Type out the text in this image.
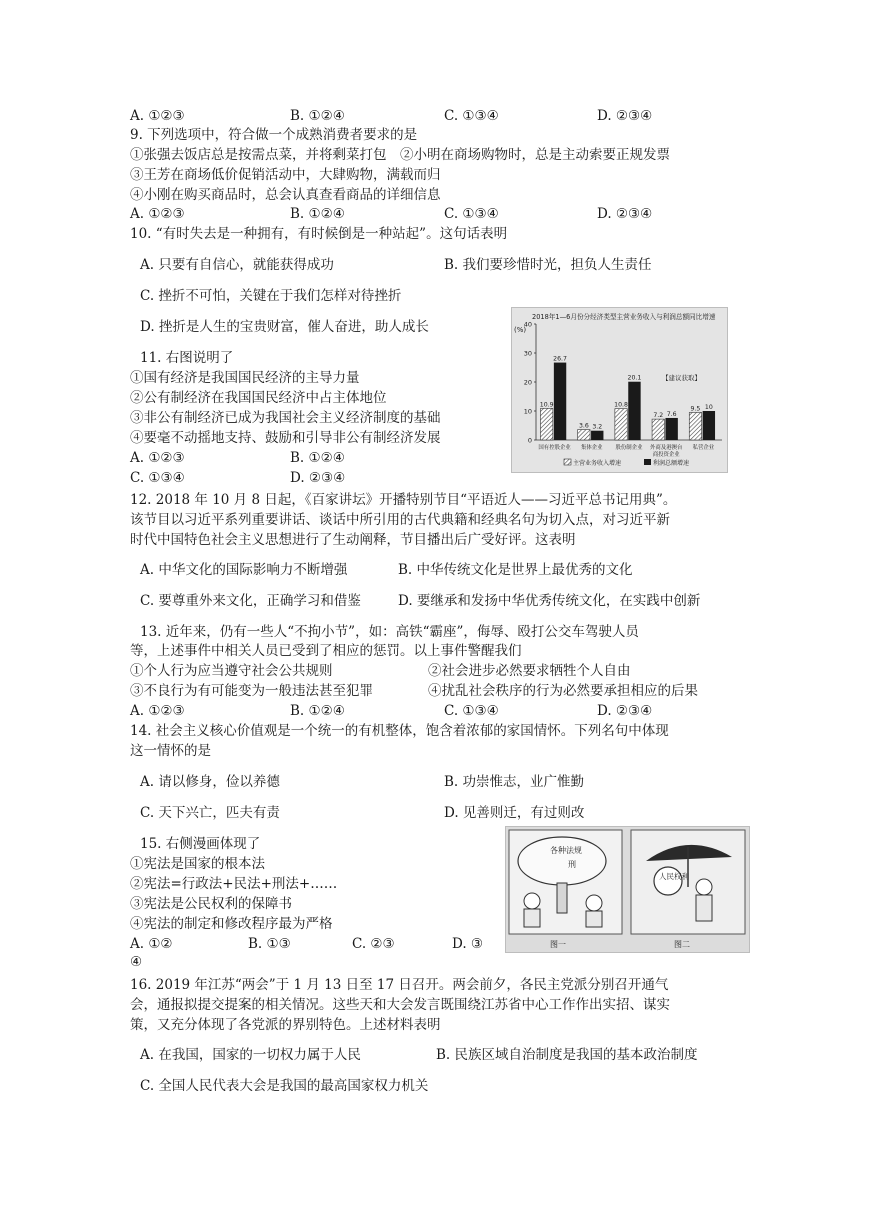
A. ①②③	B. ①②④	C. ①③④	D. ②③④
9. 下列选项中，符合做一个成熟消费者要求的是
①张强去饭店总是按需点菜，并将剩菜打包　②小明在商场购物时，总是主动索要正规发票
③王芳在商场低价促销活动中，大肆购物，满载而归
④小刚在购买商品时，总会认真查看商品的详细信息
A. ①②③	B. ①②④	C. ①③④	D. ②③④
10. “有时失去是一种拥有，有时候倒是一种站起”。这句话表明
A. 只要有自信心，就能获得成功	B. 我们要珍惜时光，担负人生责任
C. 挫折不可怕，关键在于我们怎样对待挫折
D. 挫折是人生的宝贵财富，催人奋进，助人成长
11. 右图说明了
①国有经济是我国国民经济的主导力量
②公有制经济在我国国民经济中占主体地位
③非公有制经济已成为我国社会主义经济制度的基础
④要毫不动摇地支持、鼓励和引导非公有制经济发展
A. ①②③	B. ①②④
C. ①③④	D. ②③④
2018年1—6月份分经济类型主营业务收入与利润总额同比增速
(%)
【建议获取】
0
10
20
30
40
10.9
26.7
国有控股企业
3.6 3.2
集体企业
10.8
20.1
股份制企业
7.2 7.6
外商及港澳台
商投资企业
9.5 10
私营企业
主营业务收入增速	利润总额增速
12. 2018 年 10 月 8 日起，《百家讲坛》开播特别节目“平语近人——习近平总书记用典”。
该节目以习近平系列重要讲话、谈话中所引用的古代典籍和经典名句为切入点，对习近平新
时代中国特色社会主义思想进行了生动阐释，节目播出后广受好评。这表明
A. 中华文化的国际影响力不断增强	B. 中华传统文化是世界上最优秀的文化
C. 要尊重外来文化，正确学习和借鉴	D. 要继承和发扬中华优秀传统文化，在实践中创新
13. 近年来，仍有一些人“不拘小节”，如：高铁“霸座”，侮辱、殴打公交车驾驶人员
等，上述事件中相关人员已受到了相应的惩罚。以上事件警醒我们
①个人行为应当遵守社会公共规则	②社会进步必然要求牺牲个人自由
③不良行为有可能变为一般违法甚至犯罪	④扰乱社会秩序的行为必然要承担相应的后果
A. ①②③	B. ①②④	C. ①③④	D. ②③④
14. 社会主义核心价值观是一个统一的有机整体，饱含着浓郁的家国情怀。下列名句中体现
这一情怀的是
A. 请以修身，俭以养德	B. 功崇惟志，业广惟勤
C. 天下兴亡，匹夫有责	D. 见善则迁，有过则改
15. 右侧漫画体现了
①宪法是国家的根本法
②宪法=行政法+民法+刑法+……
③宪法是公民权利的保障书
④宪法的制定和修改程序最为严格
A. ①②	B. ①③	C. ②③	D. ③
④
各种法规
刑
图一
人民权利
图二
16. 2019 年江苏“两会”于 1 月 13 日至 17 日召开。两会前夕，各民主党派分别召开通气
会，通报拟提交提案的相关情况。这些天和大会发言既围绕江苏省中心工作作出实招、谋实
策，又充分体现了各党派的界别特色。上述材料表明
A. 在我国，国家的一切权力属于人民	B. 民族区域自治制度是我国的基本政治制度
C. 全国人民代表大会是我国的最高国家权力机关
